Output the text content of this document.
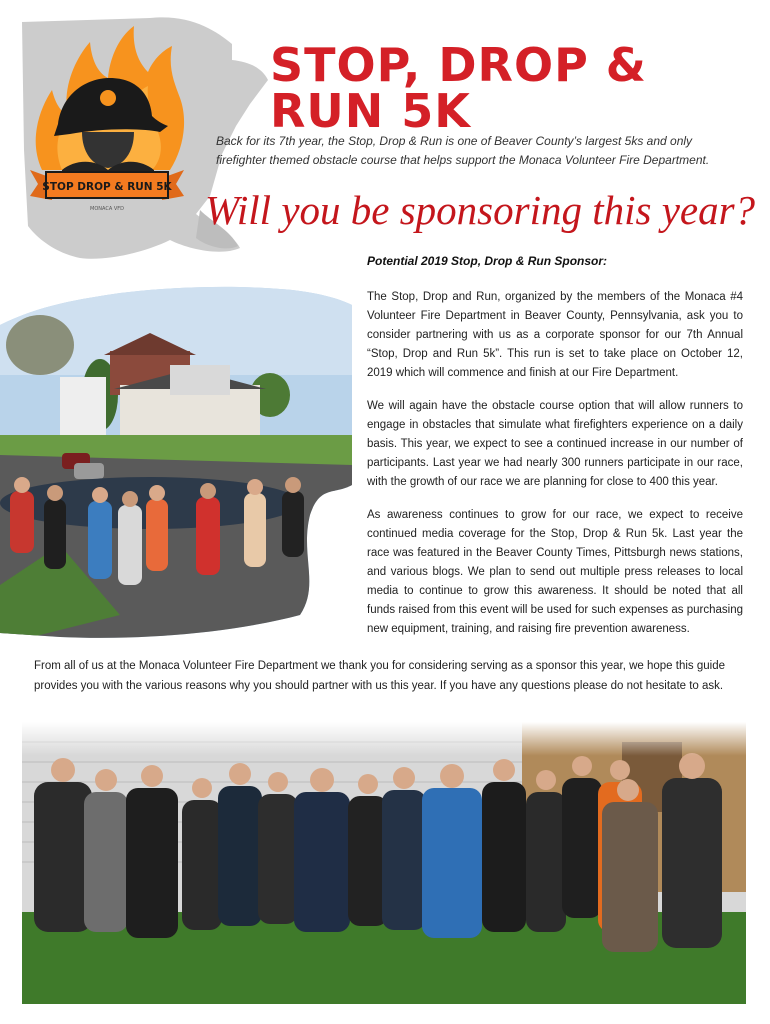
STOP DROP & RUN 5K
MONACA VFD
STOP, DROP & RUN 5K

Back for its 7th year, the Stop, Drop & Run is one of Beaver County’s largest 5ks and only firefighter themed obstacle course that helps support the Monaca Volunteer Fire Department.

Will you be sponsoring this year?

Potential 2019 Stop, Drop & Run Sponsor:

The Stop, Drop and Run, organized by the members of the Monaca #4 Volunteer Fire Department in Beaver County, Pennsylvania, ask you to consider partnering with us as a corporate sponsor for our 7th Annual “Stop, Drop and Run 5k”. This run is set to take place on October 12, 2019 which will commence and finish at our Fire Department.

We will again have the obstacle course option that will allow runners to engage in obstacles that simulate what firefighters experience on a daily basis. This year, we expect to see a continued increase in our number of participants. Last year we had nearly 300 runners participate in our race, with the growth of our race we are planning for close to 400 this year.

As awareness continues to grow for our race, we expect to receive continued media coverage for the Stop, Drop & Run 5k. Last year the race was featured in the Beaver County Times, Pittsburgh news stations, and various blogs. We plan to send out multiple press releases to local media to continue to grow this awareness. It should be noted that all funds raised from this event will be used for such expenses as purchasing new equipment, training, and raising fire prevention awareness.

From all of us at the Monaca Volunteer Fire Department we thank you for considering serving as a sponsor this year, we hope this guide provides you with the various reasons why you should partner with us this year. If you have any questions please do not hesitate to ask.
